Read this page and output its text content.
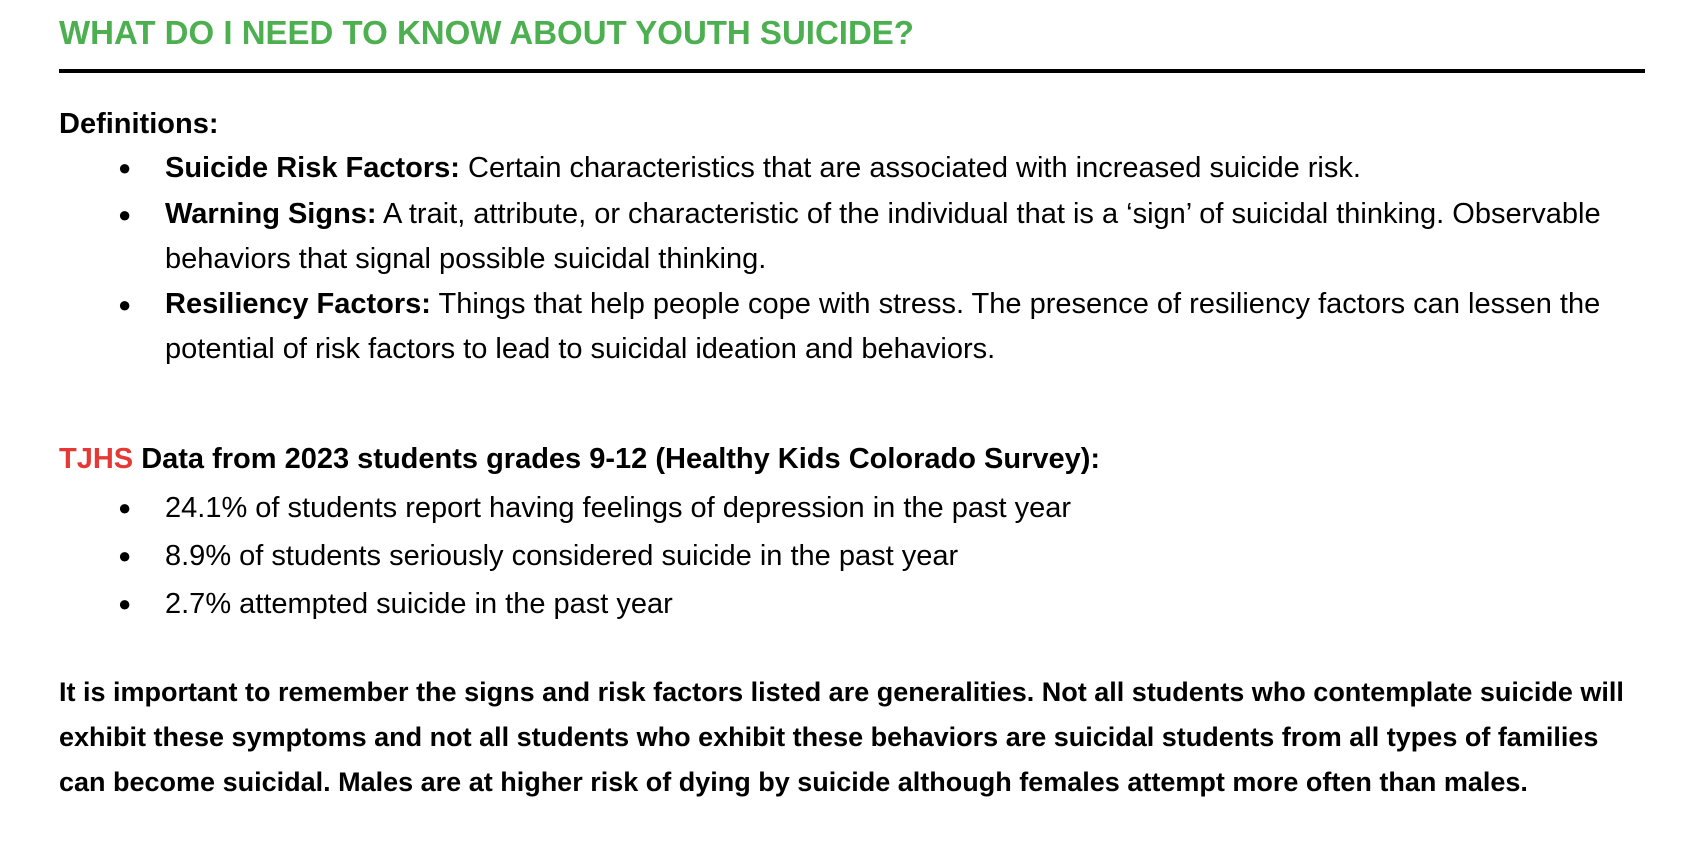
WHAT DO I NEED TO KNOW ABOUT YOUTH SUICIDE?
Definitions:
● Suicide Risk Factors: Certain characteristics that are associated with increased suicide risk.
● Warning Signs: A trait, attribute, or characteristic of the individual that is a ‘sign’ of suicidal thinking. Observable behaviors that signal possible suicidal thinking.
● Resiliency Factors: Things that help people cope with stress. The presence of resiliency factors can lessen the potential of risk factors to lead to suicidal ideation and behaviors.
TJHS Data from 2023 students grades 9-12 (Healthy Kids Colorado Survey):
● 24.1% of students report having feelings of depression in the past year
● 8.9% of students seriously considered suicide in the past year
● 2.7% attempted suicide in the past year
It is important to remember the signs and risk factors listed are generalities. Not all students who contemplate suicide will exhibit these symptoms and not all students who exhibit these behaviors are suicidal students from all types of families can become suicidal. Males are at higher risk of dying by suicide although females attempt more often than males.
